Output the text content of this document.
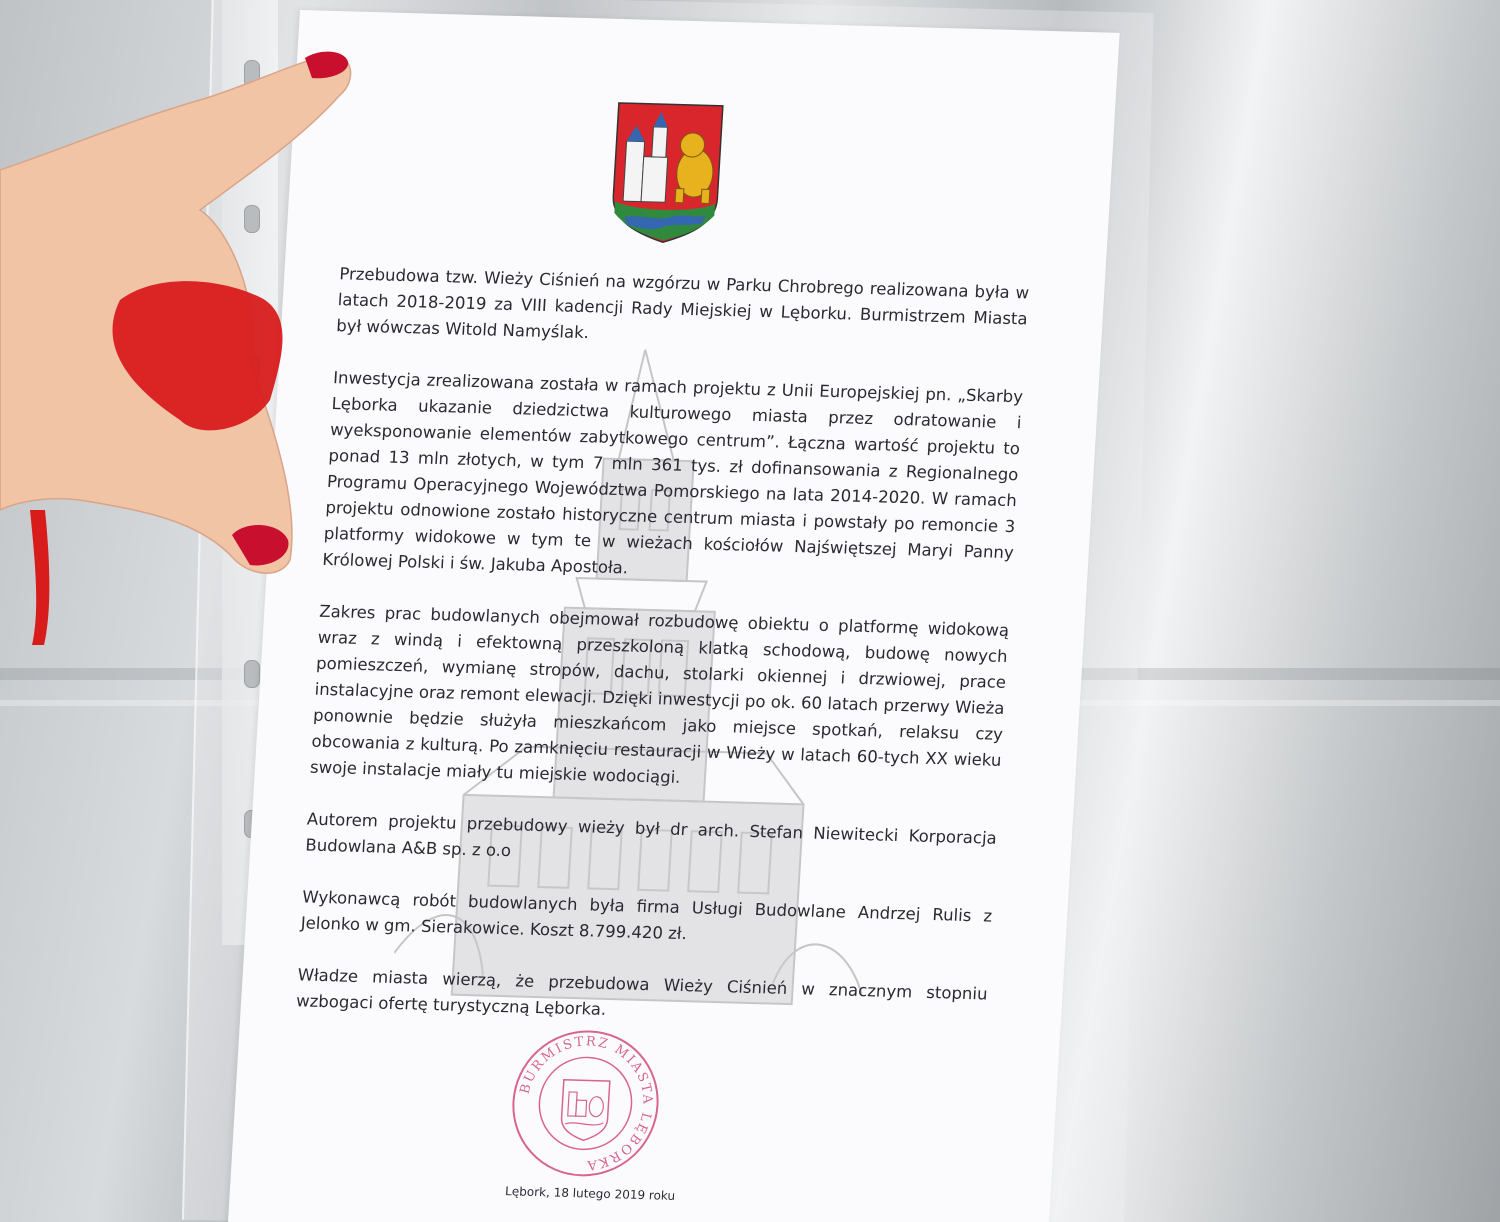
Przebudowa tzw. Wieży Ciśnień na wzgórzu w Parku Chrobrego realizowana była w latach 2018-2019 za VIII kadencji Rady Miejskiej w Lęborku. Burmistrzem Miasta był wówczas Witold Namyślak.

Inwestycja zrealizowana została w ramach projektu z Unii Europejskiej pn. „Skarby Lęborka ukazanie dziedzictwa kulturowego miasta przez odratowanie i wyeksponowanie elementów zabytkowego centrum”. Łączna wartość projektu to ponad 13 mln złotych, w tym 7 mln 361 tys. zł dofinansowania z Regionalnego Programu Operacyjnego Województwa Pomorskiego na lata 2014-2020. W ramach projektu odnowione zostało historyczne centrum miasta i powstały po remoncie 3 platformy widokowe w tym te w wieżach kościołów Najświętszej Maryi Panny Królowej Polski i św. Jakuba Apostoła.

Zakres prac budowlanych obejmował rozbudowę obiektu o platformę widokową wraz z windą i efektowną przeszkoloną klatką schodową, budowę nowych pomieszczeń, wymianę stropów, dachu, stolarki okiennej i drzwiowej, prace instalacyjne oraz remont elewacji. Dzięki inwestycji po ok. 60 latach przerwy Wieża ponownie będzie służyła mieszkańcom jako miejsce spotkań, relaksu czy obcowania z kulturą. Po zamknięciu restauracji w Wieży w latach 60-tych XX wieku swoje instalacje miały tu miejskie wodociągi.

Autorem projektu przebudowy wieży był dr arch. Stefan Niewitecki Korporacja Budowlana A&B sp. z o.o

Wykonawcą robót budowlanych była firma Usługi Budowlane Andrzej Rulis z Jelonko w gm. Sierakowice. Koszt 8.799.420 zł.

Władze miasta wierzą, że przebudowa Wieży Ciśnień w znacznym stopniu wzbogaci ofertę turystyczną Lęborka.

BURMISTRZ MIASTA LĘBORKA
Lębork, 18 lutego 2019 roku
